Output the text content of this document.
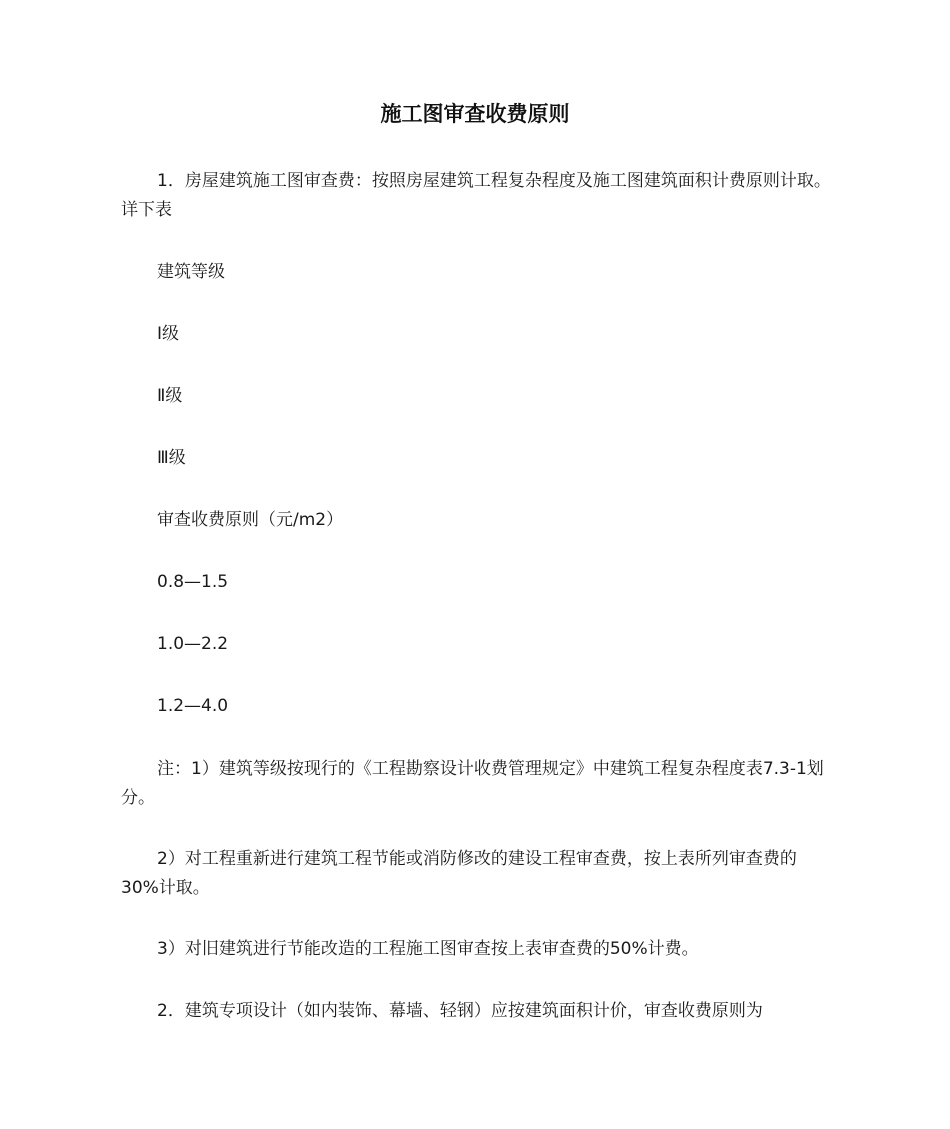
施工图审查收费原则
1．房屋建筑施工图审查费：按照房屋建筑工程复杂程度及施工图建筑面积计费原则计取。详下表
建筑等级
Ⅰ级
Ⅱ级
Ⅲ级
审查收费原则（元/m2）
0.8—1.5
1.0—2.2
1.2—4.0
注：1）建筑等级按现行的《工程勘察设计收费管理规定》中建筑工程复杂程度表7.3-1划分。
2）对工程重新进行建筑工程节能或消防修改的建设工程审查费，按上表所列审查费的30%计取。
3）对旧建筑进行节能改造的工程施工图审查按上表审查费的50%计费。
2．建筑专项设计（如内装饰、幕墙、轻钢）应按建筑面积计价，审查收费原则为
